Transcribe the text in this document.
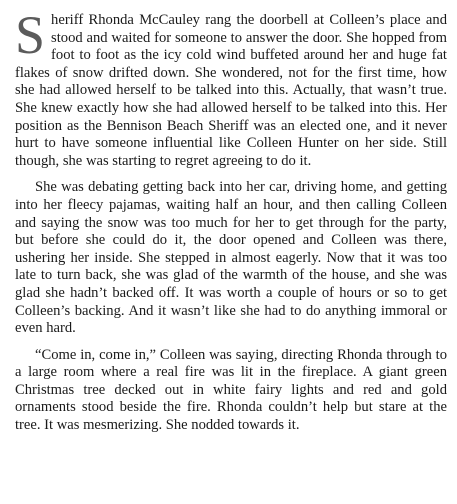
Sheriff Rhonda McCauley rang the doorbell at Colleen’s place and stood and waited for someone to answer the door. She hopped from foot to foot as the icy cold wind buffeted around her and huge fat flakes of snow drifted down. She wondered, not for the first time, how she had allowed herself to be talked into this. Actually, that wasn’t true. She knew exactly how she had allowed herself to be talked into this. Her position as the Bennison Beach Sheriff was an elected one, and it never hurt to have someone influential like Colleen Hunter on her side. Still though, she was starting to regret agreeing to do it.

She was debating getting back into her car, driving home, and getting into her fleecy pajamas, waiting half an hour, and then calling Colleen and saying the snow was too much for her to get through for the party, but before she could do it, the door opened and Colleen was there, ushering her inside. She stepped in almost eagerly. Now that it was too late to turn back, she was glad of the warmth of the house, and she was glad she hadn’t backed off. It was worth a couple of hours or so to get Colleen’s backing. And it wasn’t like she had to do anything immoral or even hard.

“Come in, come in,” Colleen was saying, directing Rhonda through to a large room where a real fire was lit in the fireplace. A giant green Christmas tree decked out in white fairy lights and red and gold ornaments stood beside the fire. Rhonda couldn’t help but stare at the tree. It was mesmerizing. She nodded towards it.
